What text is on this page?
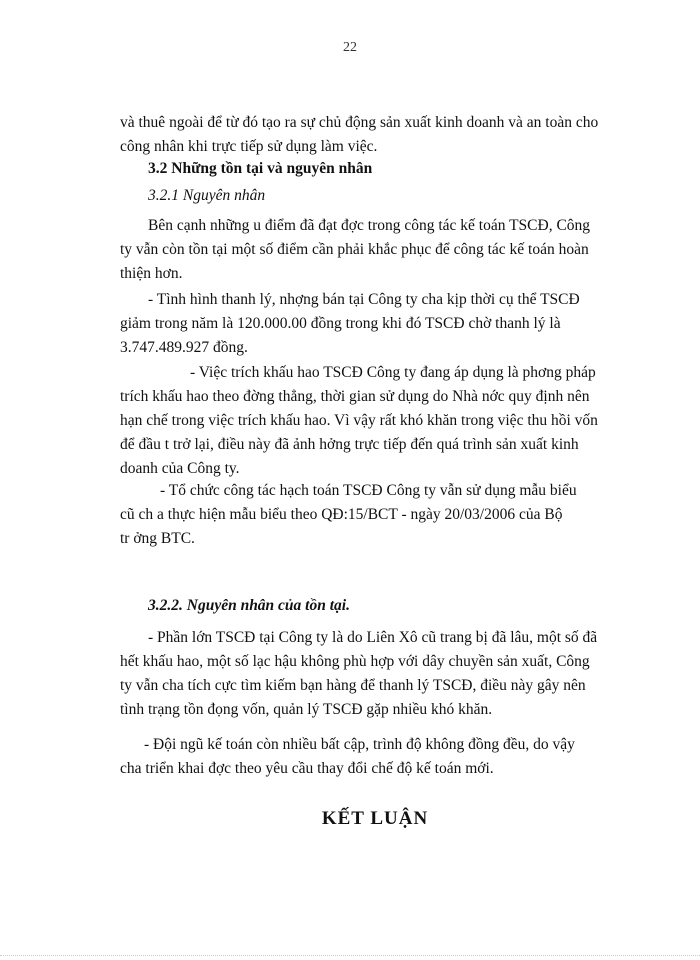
22
và thuê ngoài để từ đó tạo ra sự chủ động sản xuất kinh doanh và an toàn cho
công nhân khi trực tiếp sử dụng làm việc.
3.2 Những tồn tại và nguyên nhân
3.2.1 Nguyên nhân
Bên cạnh những u điểm đã đạt đợc trong công tác kế toán TSCĐ, Công
ty vẫn còn tồn tại một số điểm cần phải khắc phục để công tác kế toán hoàn
thiện hơn.
- Tình hình thanh lý, nhợng bán tại Công ty cha kịp thời cụ thể TSCĐ
giảm trong năm là 120.000.00 đồng trong khi đó TSCĐ chờ thanh lý là
3.747.489.927 đồng.
- Việc trích khấu hao TSCĐ Công ty đang áp dụng là phơng pháp
trích khấu hao theo đờng thẳng, thời gian sử dụng do Nhà nớc quy định nên
hạn chế trong việc trích khấu hao. Vì vậy rất khó khăn trong việc thu hồi vốn
để đầu t trở lại, điều này đã ảnh hởng trực tiếp đến quá trình sản xuất kinh
doanh của Công ty.
- Tổ chức công tác hạch toán TSCĐ Công ty vẫn sử dụng mẫu biểu
cũ ch a thực hiện mẫu biểu theo QĐ:15/BCT - ngày 20/03/2006 của Bộ
tr ởng BTC.
3.2.2. Nguyên nhân của tồn tại.
- Phần lớn TSCĐ tại Công ty là do Liên Xô cũ trang bị đã lâu, một số đã
hết khấu hao, một số lạc hậu không phù hợp với dây chuyền sản xuất, Công
ty vẫn cha tích cực tìm kiếm bạn hàng để thanh lý TSCĐ, điều này gây nên
tình trạng tồn đọng vốn, quản lý TSCĐ gặp nhiều khó khăn.
- Đội ngũ kế toán còn nhiều bất cập, trình độ không đồng đều, do vậy
cha triển khai đợc theo yêu cầu thay đổi chế độ kế toán mới.
KẾT LUẬN
